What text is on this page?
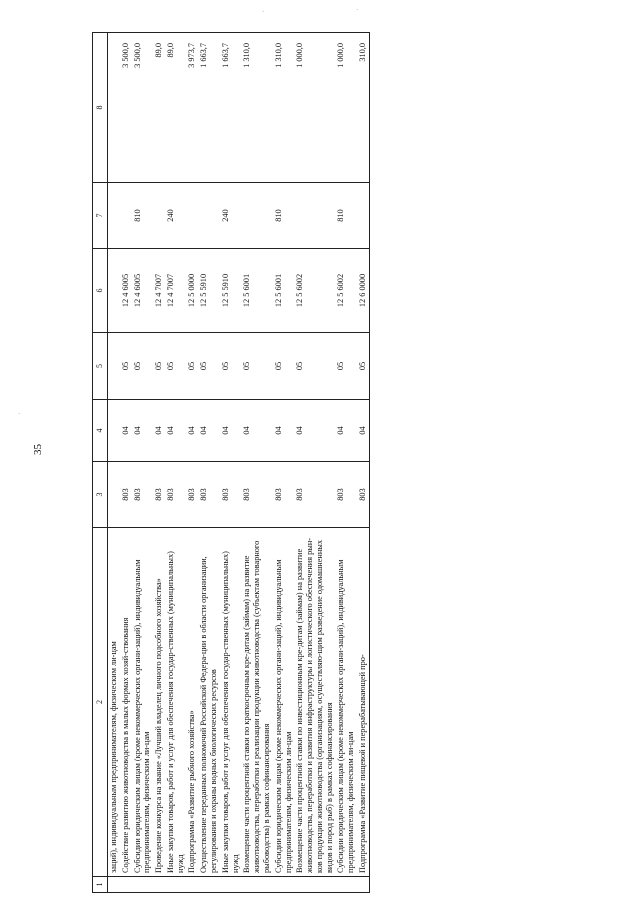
35
·	·
·
1	2	3	4	5	6	7	8
	заций), индивидуальным предпринимателям, физическим ли-цам						
	Содействие развитию животноводства в малых формах хозяй-ствования	803	04	05	12 4 6005		3 500,0
	Субсидии юридическим лицам (кроме некоммерческих органи-заций), индивидуальным предпринимателям, физическим ли-цам	803	04	05	12 4 6005	810	3 500,0
	Проведение конкурса на звание «Лучший владелец личного подсобного хозяйства»	803	04	05	12 4 7007		89,0
	Иные закупки товаров, работ и услуг для обеспечения государ-ственных (муниципальных) нужд	803	04	05	12 4 7007	240	89,0
	Подпрограмма «Развитие рыбного хозяйства»	803	04	05	12 5 0000		3 973,7
	Осуществление переданных полномочий Российской Федера-ции в области организации, регулирования и охраны водных биологических ресурсов	803	04	05	12 5 5910		1 663,7
	Иные закупки товаров, работ и услуг для обеспечения государ-ственных (муниципальных) нужд	803	04	05	12 5 5910	240	1 663,7
	Возмещение части процентной ставки по краткосрочным кре-дитам (займам) на развитие животноводства, переработки и реализации продукции животноводства (субъектам товарного рыбоводства) в рамках софинансирования	803	04	05	12 5 6001		1 310,0
	Субсидии юридическим лицам (кроме некоммерческих органи-заций), индивидуальным предпринимателям, физическим ли-цам	803	04	05	12 5 6001	810	1 310,0
	Возмещение части процентной ставки по инвестиционным кре-дитам (займам) на развитие животноводства, переработки и развития инфраструктуры и логистического обеспечения рын-ков продукции животноводства (организациям, осуществляю-щим разведение одомашненных видов и пород рыб) в рамках софинансирования	803	04	05	12 5 6002		1 000,0
	Субсидии юридическим лицам (кроме некоммерческих органи-заций), индивидуальным предпринимателям, физическим ли-цам	803	04	05	12 5 6002	810	1 000,0
	Подпрограмма «Развитие пищевой и перерабатывающей про-	803	04	05	12 6 0000		310,0
